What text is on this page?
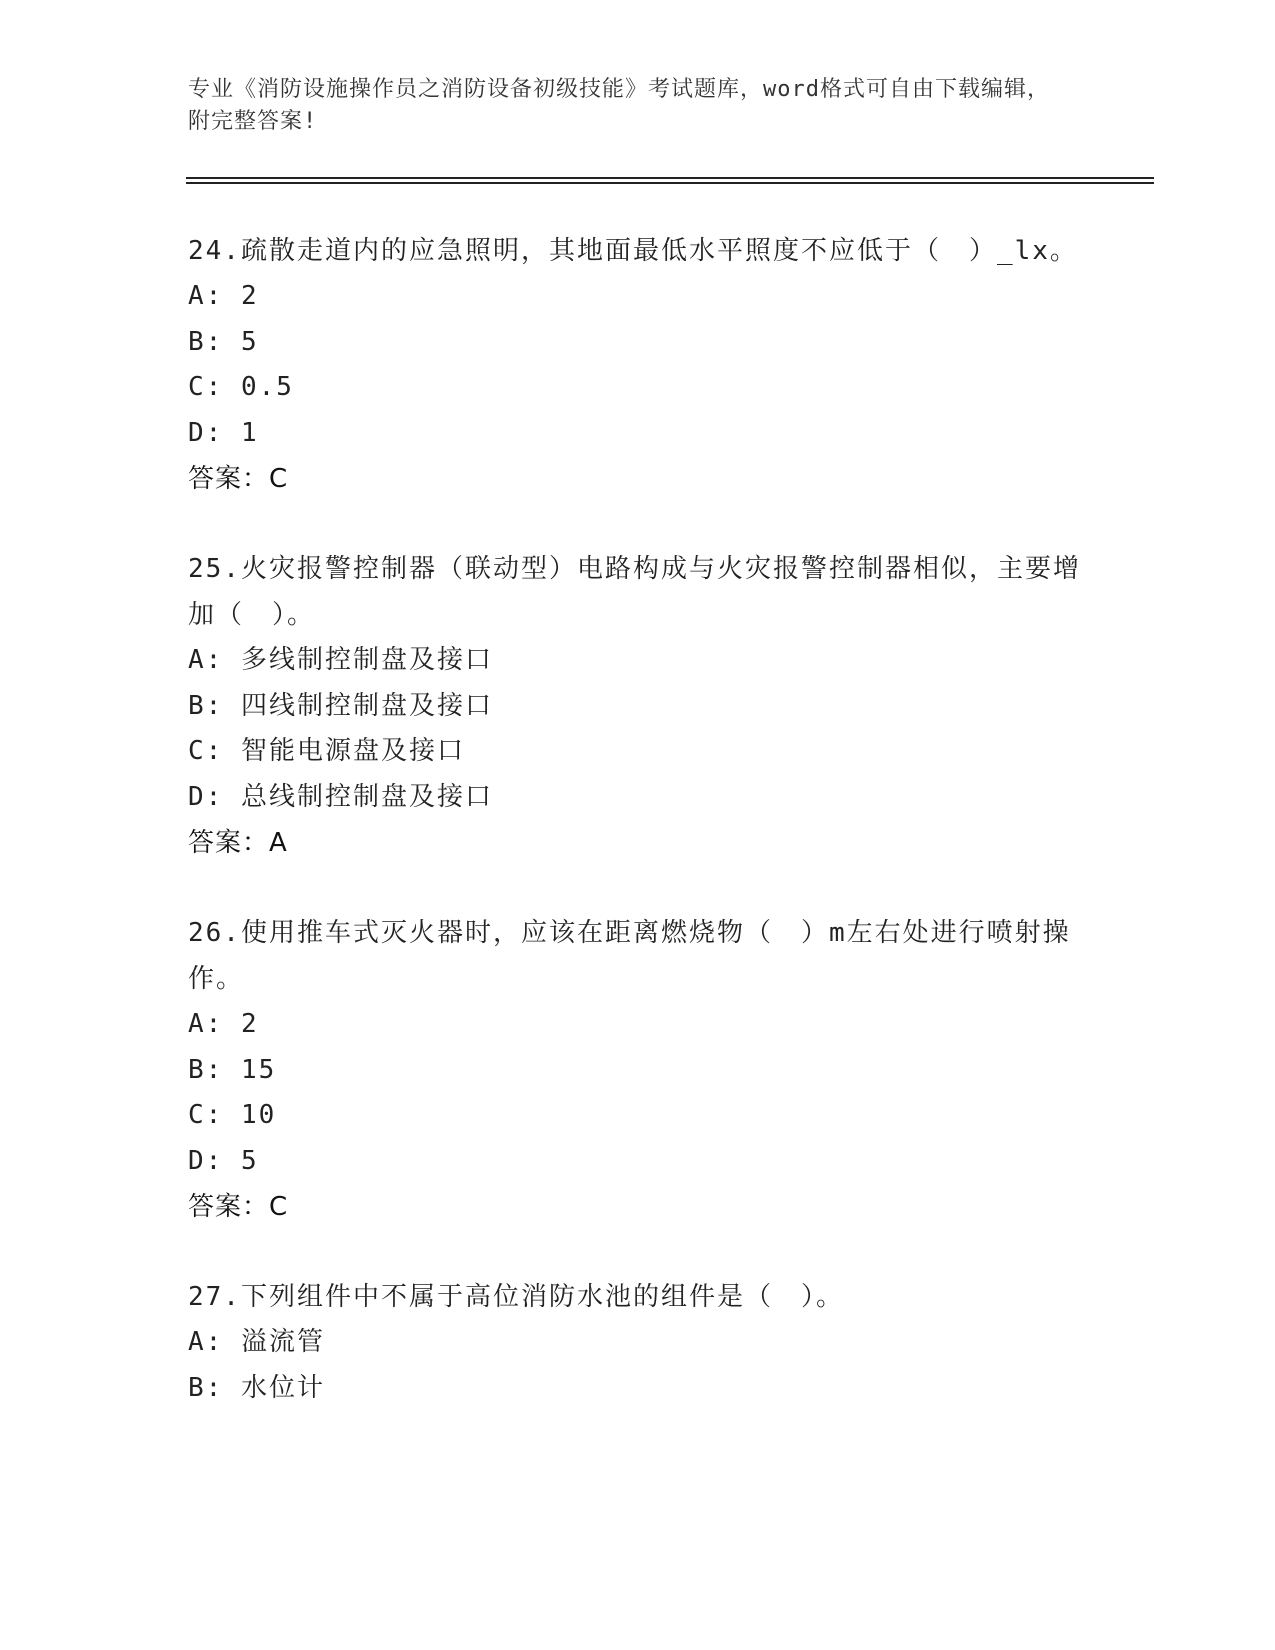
专业《消防设施操作员之消防设备初级技能》考试题库，word格式可自由下载编辑，附完整答案!
24.疏散走道内的应急照明，其地面最低水平照度不应低于（　）_lx。
A: 2
B: 5
C: 0.5
D: 1
答案：C
25.火灾报警控制器（联动型）电路构成与火灾报警控制器相似，主要增加（　）。
A: 多线制控制盘及接口
B: 四线制控制盘及接口
C: 智能电源盘及接口
D: 总线制控制盘及接口
答案：A
26.使用推车式灭火器时，应该在距离燃烧物（　）m左右处进行喷射操作。
A: 2
B: 15
C: 10
D: 5
答案：C
27.下列组件中不属于高位消防水池的组件是（　）。
A: 溢流管
B: 水位计
